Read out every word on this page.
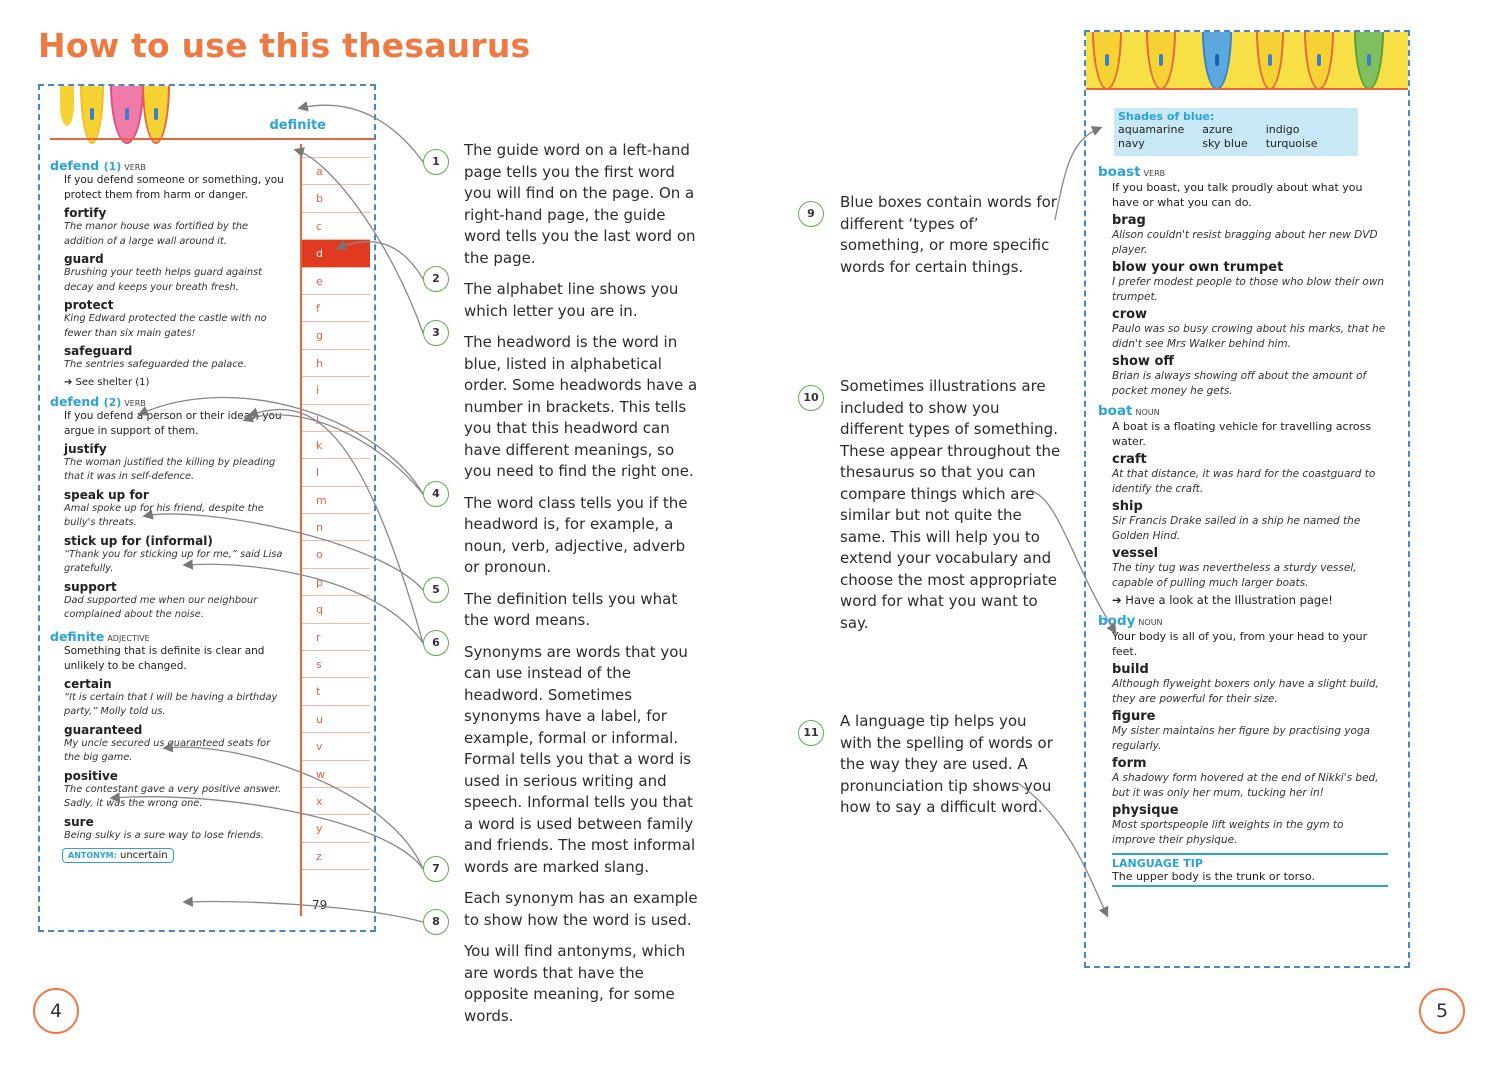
How to use this thesaurus
definite
a
b
c
d
e
f
g
h
i
j
k
l
m
n
o
p
q
r
s
t
u
v
w
x
y
z
79
defend (1) VERB
If you defend someone or something, you protect them from harm or danger.
fortify
The manor house was fortified by the addition of a large wall around it.
guard
Brushing your teeth helps guard against decay and keeps your breath fresh.
protect
King Edward protected the castle with no fewer than six main gates!
safeguard
The sentries safeguarded the palace.
➔ See shelter (1)
defend (2) VERB
If you defend a person or their ideas, you argue in support of them.
justify
The woman justified the killing by pleading that it was in self-defence.
speak up for
Amal spoke up for his friend, despite the bully's threats.
stick up for (informal)
“Thank you for sticking up for me,” said Lisa gratefully.
support
Dad supported me when our neighbour complained about the noise.
definite ADJECTIVE
Something that is definite is clear and unlikely to be changed.
certain
“It is certain that I will be having a birthday party,” Molly told us.
guaranteed
My uncle secured us guaranteed seats for the big game.
positive
The contestant gave a very positive answer. Sadly, it was the wrong one.
sure
Being sulky is a sure way to lose friends.
ANTONYM: uncertain

The guide word on a left-hand page tells you the first word you will find on the page. On a right-hand page, the guide word tells you the last word on the page.

The alphabet line shows you which letter you are in.

The headword is the word in blue, listed in alphabetical order. Some headwords have a number in brackets. This tells you that this headword can have different meanings, so you need to find the right one.

The word class tells you if the headword is, for example, a noun, verb, adjective, adverb or pronoun.

The definition tells you what the word means.

Synonyms are words that you can use instead of the headword. Sometimes synonyms have a label, for example, formal or informal. Formal tells you that a word is used in serious writing and speech. Informal tells you that a word is used between family and friends. The most informal words are marked slang.

Each synonym has an example to show how the word is used.

You will find antonyms, which are words that have the opposite meaning, for some words.

Blue boxes contain words for different ‘types of’ something, or more specific words for certain things.
Sometimes illustrations are included to show you different types of something. These appear throughout the thesaurus so that you can compare things which are similar but not quite the same. This will help you to extend your vocabulary and choose the most appropriate word for what you want to say.
A language tip helps you with the spelling of words or the way they are used. A pronunciation tip shows you how to say a difficult word.
1
2
3
4
5
6
7
8
9
10
11
Shades of blue:
aquamarine	azure	indigo
navy	sky blue	turquoise
boast VERB
If you boast, you talk proudly about what you have or what you can do.
brag
Alison couldn't resist bragging about her new DVD player.
blow your own trumpet
I prefer modest people to those who blow their own trumpet.
crow
Paulo was so busy crowing about his marks, that he didn't see Mrs Walker behind him.
show off
Brian is always showing off about the amount of pocket money he gets.
boat NOUN
A boat is a floating vehicle for travelling across water.
craft
At that distance, it was hard for the coastguard to identify the craft.
ship
Sir Francis Drake sailed in a ship he named the Golden Hind.
vessel
The tiny tug was nevertheless a sturdy vessel, capable of pulling much larger boats.
➔ Have a look at the Illustration page!
body NOUN
Your body is all of you, from your head to your feet.
build
Although flyweight boxers only have a slight build, they are powerful for their size.
figure
My sister maintains her figure by practising yoga regularly.
form
A shadowy form hovered at the end of Nikki's bed, but it was only her mum, tucking her in!
physique
Most sportspeople lift weights in the gym to improve their physique.
LANGUAGE TIP
The upper body is the trunk or torso.
4	5
